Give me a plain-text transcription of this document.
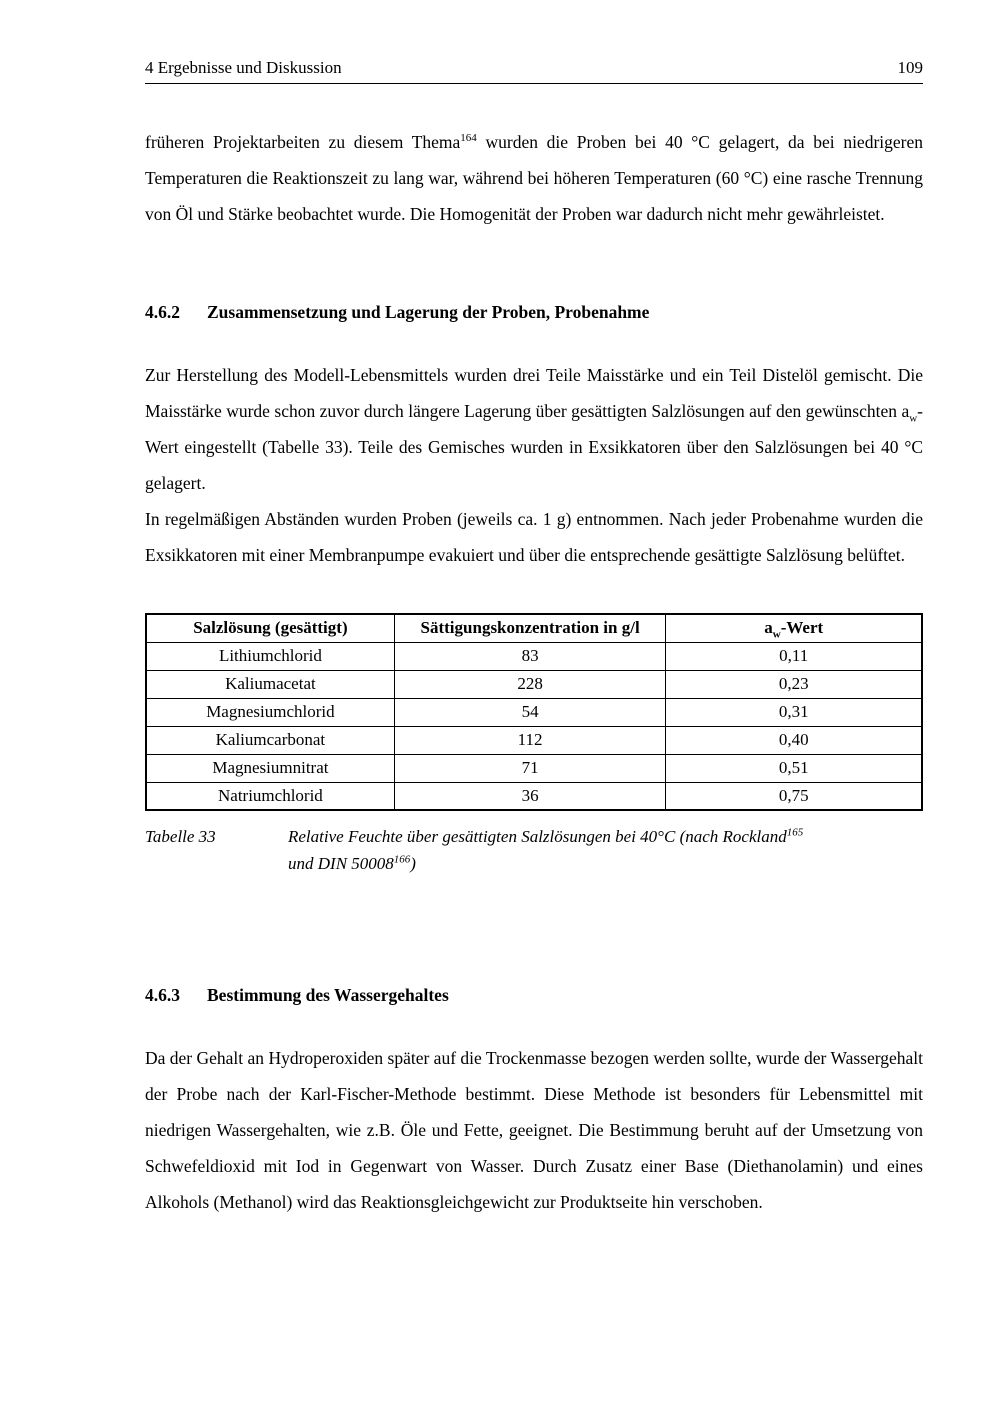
4 Ergebnisse und Diskussion	109

früheren Projektarbeiten zu diesem Thema$^{164}$ wurden die Proben bei 40 °C gelagert, da bei niedrigeren Temperaturen die Reaktionszeit zu lang war, während bei höheren Temperaturen (60 °C) eine rasche Trennung von Öl und Stärke beobachtet wurde. Die Homogenität der Proben war dadurch nicht mehr gewährleistet.

4.6.2	Zusammensetzung und Lagerung der Proben, Probenahme

Zur Herstellung des Modell-Lebensmittels wurden drei Teile Maisstärke und ein Teil Distelöl gemischt. Die Maisstärke wurde schon zuvor durch längere Lagerung über gesättigten Salzlösungen auf den gewünschten $a_w$-Wert eingestellt (Tabelle 33). Teile des Gemisches wurden in Exsikkatoren über den Salzlösungen bei 40 °C gelagert.

In regelmäßigen Abständen wurden Proben (jeweils ca. 1 g) entnommen. Nach jeder Probenahme wurden die Exsikkatoren mit einer Membranpumpe evakuiert und über die entsprechende gesättigte Salzlösung belüftet.

Salzlösung (gesättigt)	Sättigungskonzentration in g/l	$a_w$-Wert
Lithiumchlorid	83	0,11
Kaliumacetat	228	0,23
Magnesiumchlorid	54	0,31
Kaliumcarbonat	112	0,40
Magnesiumnitrat	71	0,51
Natriumchlorid	36	0,75
Tabelle 33	Relative Feuchte über gesättigten Salzlösungen bei 40°C (nach Rockland$^{165}$
und DIN 50008$^{166}$)
4.6.3	Bestimmung des Wassergehaltes

Da der Gehalt an Hydroperoxiden später auf die Trockenmasse bezogen werden sollte, wurde der Wassergehalt der Probe nach der Karl-Fischer-Methode bestimmt. Diese Methode ist besonders für Lebensmittel mit niedrigen Wassergehalten, wie z.B. Öle und Fette, geeignet. Die Bestimmung beruht auf der Umsetzung von Schwefeldioxid mit Iod in Gegenwart von Wasser. Durch Zusatz einer Base (Diethanolamin) und eines Alkohols (Methanol) wird das Reaktionsgleichgewicht zur Produktseite hin verschoben.
